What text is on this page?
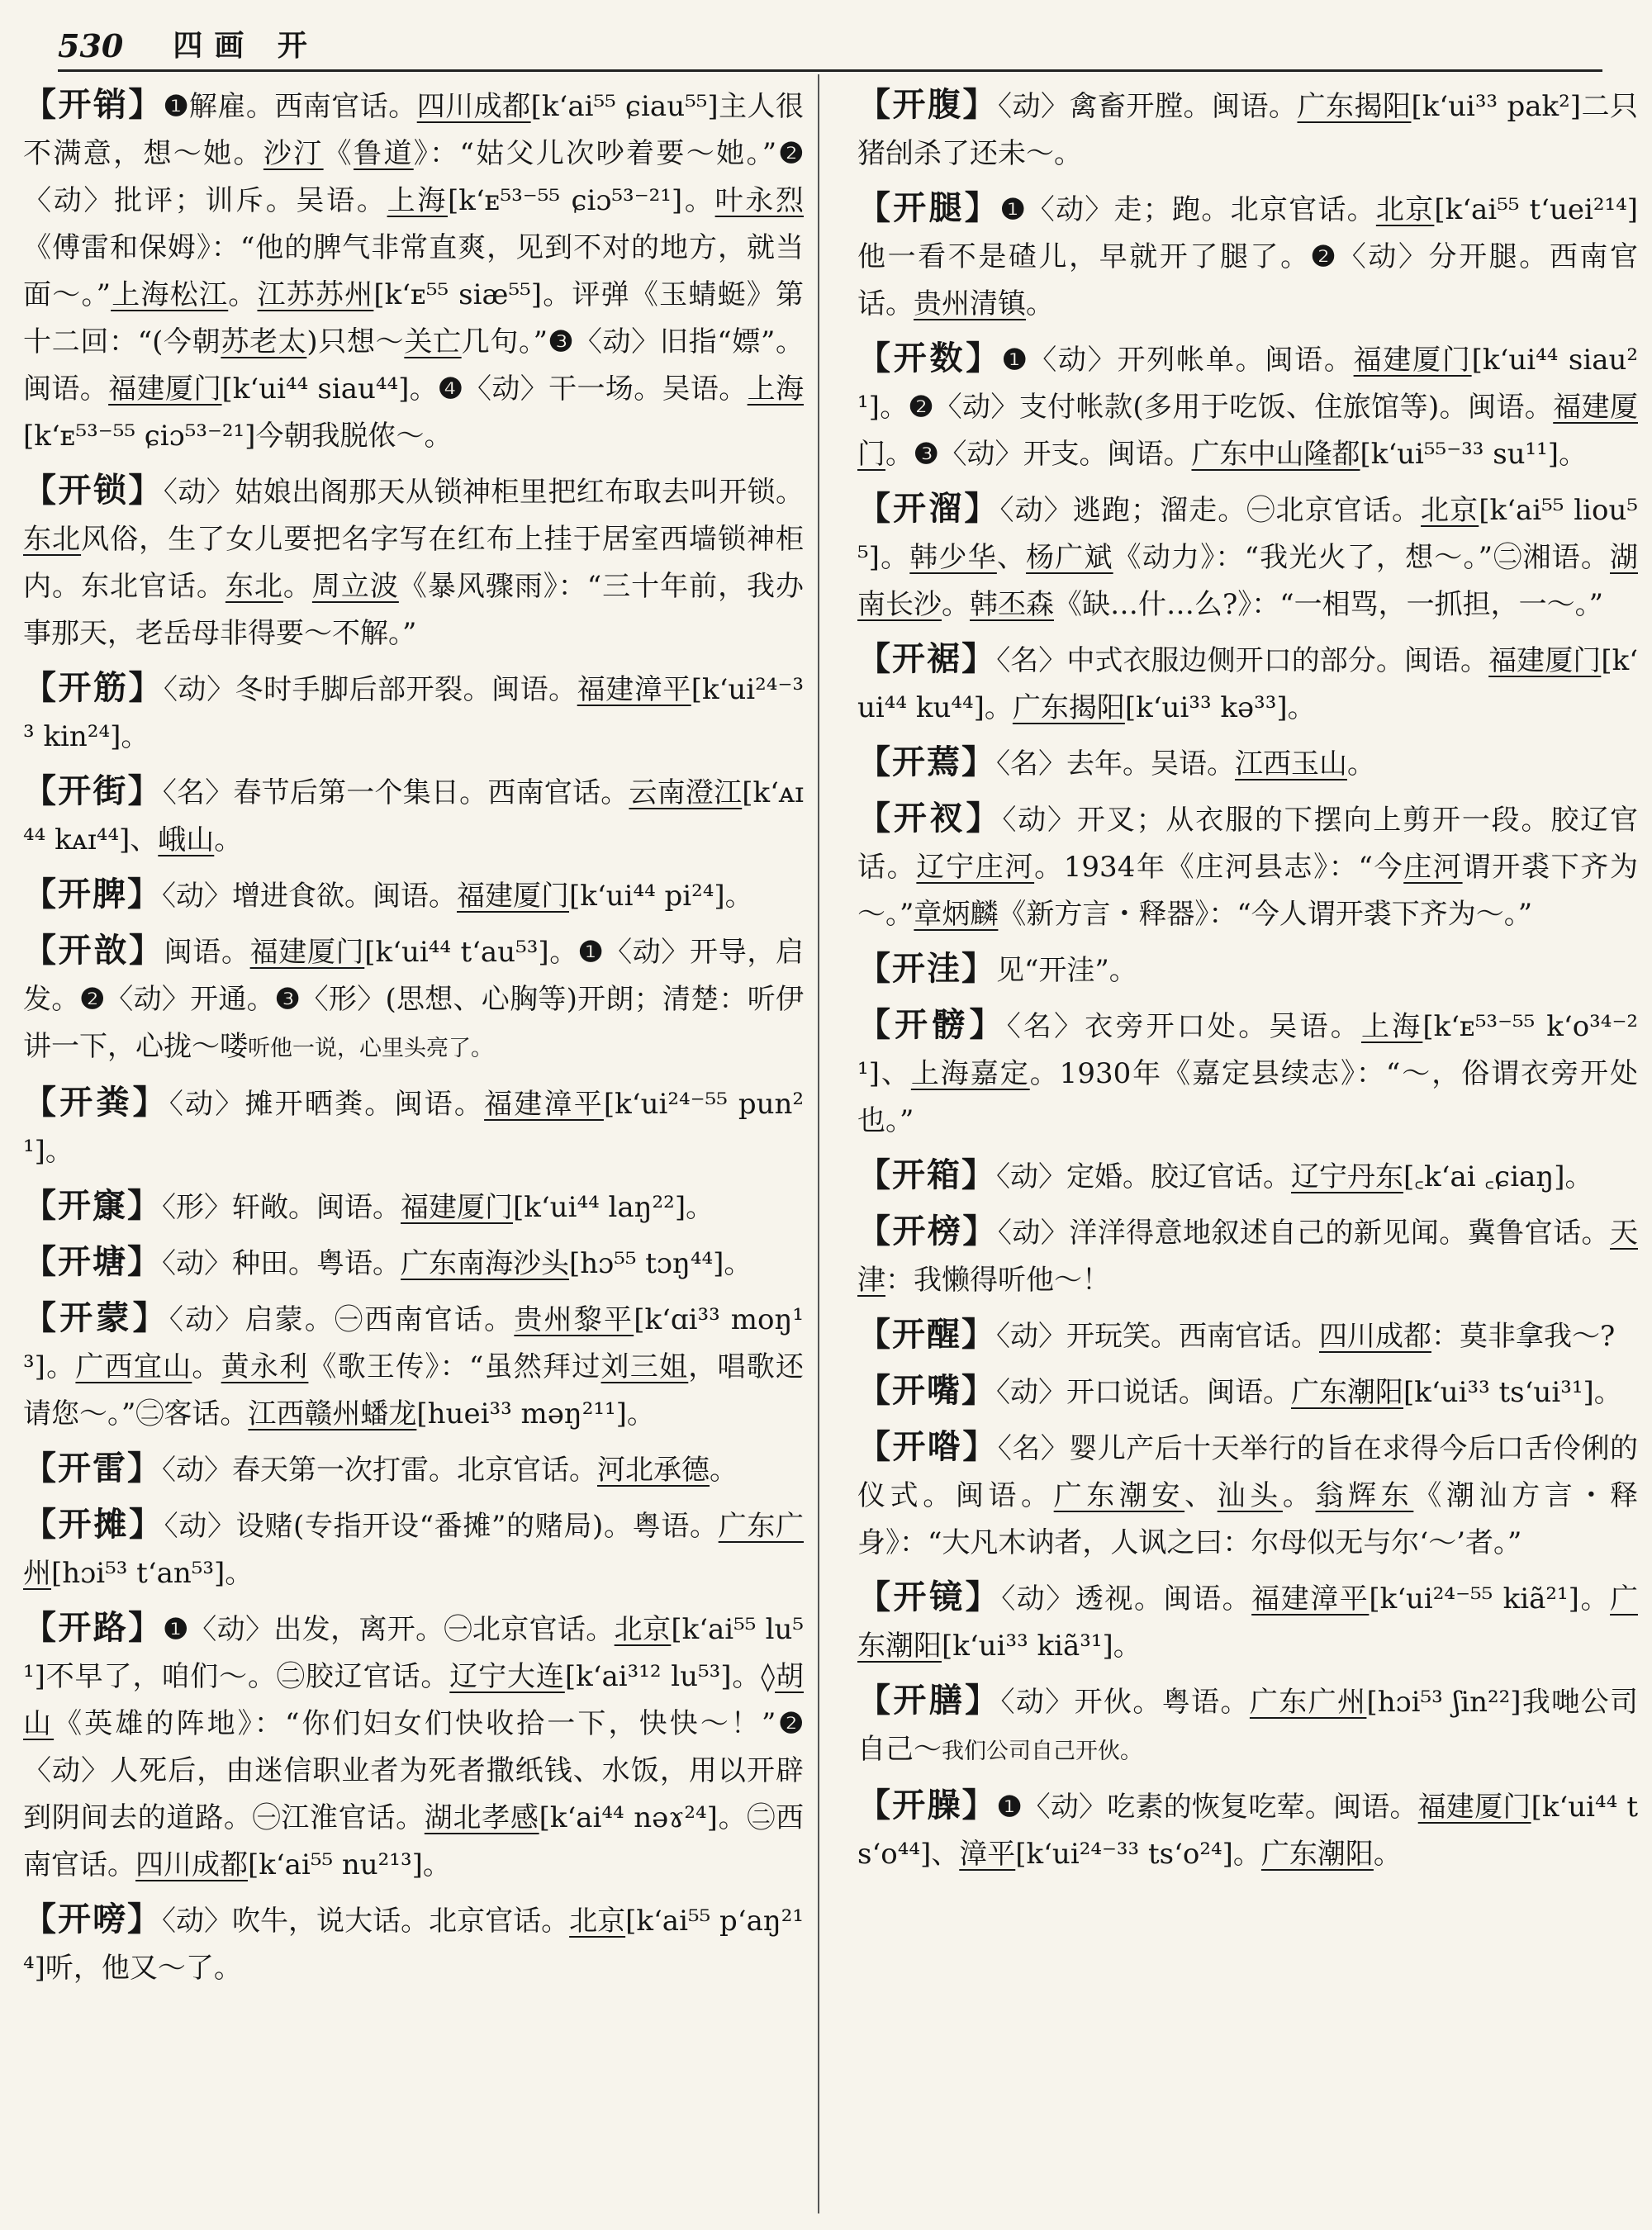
530 四画 开

【开销】❶解雇。西南官话。四川成都[kʻai⁵⁵ ɕiau⁵⁵]主人很不满意，想～她。沙汀《鲁道》：“姑父儿次吵着要～她。”❷〈动〉批评；训斥。吴语。上海[kʻᴇ⁵³⁻⁵⁵ ɕiɔ⁵³⁻²¹]。叶永烈《傅雷和保姆》：“他的脾气非常直爽，见到不对的地方，就当面～。”上海松江。江苏苏州[kʻᴇ⁵⁵ siæ⁵⁵]。评弹《玉蜻蜓》第十二回：“(今朝苏老太)只想～关亡几句。”❸〈动〉旧指“嫖”。闽语。福建厦门[kʻui⁴⁴ siau⁴⁴]。❹〈动〉干一场。吴语。上海[kʻᴇ⁵³⁻⁵⁵ ɕiɔ⁵³⁻²¹]今朝我脱侬～。

【开锁】〈动〉姑娘出阁那天从锁神柜里把红布取去叫开锁。东北风俗，生了女儿要把名字写在红布上挂于居室西墙锁神柜内。东北官话。东北。周立波《暴风骤雨》：“三十年前，我办事那天，老岳母非得要～不解。”

【开筋】〈动〉冬时手脚后部开裂。闽语。福建漳平[kʻui²⁴⁻³³ kin²⁴]。

【开街】〈名〉春节后第一个集日。西南官话。云南澄江[kʻᴀɪ⁴⁴ kᴀɪ⁴⁴]、峨山。

【开脾】〈动〉增进食欲。闽语。福建厦门[kʻui⁴⁴ pi²⁴]。

【开敨】闽语。福建厦门[kʻui⁴⁴ tʻau⁵³]。❶〈动〉开导，启发。❷〈动〉开通。❸〈形〉(思想、心胸等)开朗；清楚：听伊讲一下，心拢～喽听他一说，心里头亮了。

【开粪】〈动〉摊开晒粪。闽语。福建漳平[kʻui²⁴⁻⁵⁵ pun²¹]。

【开䆲】〈形〉轩敞。闽语。福建厦门[kʻui⁴⁴ laŋ²²]。

【开塘】〈动〉种田。粤语。广东南海沙头[hɔ⁵⁵ tɔŋ⁴⁴]。

【开蒙】〈动〉启蒙。㊀西南官话。贵州黎平[kʻɑi³³ moŋ¹³]。广西宜山。黄永利《歌王传》：“虽然拜过刘三姐，唱歌还请您～。”㊁客话。江西赣州蟠龙[huei³³ məŋ²¹¹]。

【开雷】〈动〉春天第一次打雷。北京官话。河北承德。

【开摊】〈动〉设赌(专指开设“番摊”的赌局)。粤语。广东广州[hɔi⁵³ tʻan⁵³]。

【开路】❶〈动〉出发，离开。㊀北京官话。北京[kʻai⁵⁵ lu⁵¹]不早了，咱们～。㊁胶辽官话。辽宁大连[kʻai³¹² lu⁵³]。◊胡山《英雄的阵地》：“你们妇女们快收拾一下，快快～！”❷〈动〉人死后，由迷信职业者为死者撒纸钱、水饭，用以开辟到阴间去的道路。㊀江淮官话。湖北孝感[kʻai⁴⁴ nəɤ²⁴]。㊁西南官话。四川成都[kʻai⁵⁵ nu²¹³]。

【开嗙】〈动〉吹牛，说大话。北京官话。北京[kʻai⁵⁵ pʻaŋ²¹⁴]听，他又～了。

【开腹】〈动〉禽畜开膛。闽语。广东揭阳[kʻui³³ pak²]二只猪刣杀了还未～。

【开腿】❶〈动〉走；跑。北京官话。北京[kʻai⁵⁵ tʻuei²¹⁴]他一看不是碴儿，早就开了腿了。❷〈动〉分开腿。西南官话。贵州清镇。

【开数】❶〈动〉开列帐单。闽语。福建厦门[kʻui⁴⁴ siau²¹]。❷〈动〉支付帐款(多用于吃饭、住旅馆等)。闽语。福建厦门。❸〈动〉开支。闽语。广东中山隆都[kʻui⁵⁵⁻³³ su¹¹]。

【开溜】〈动〉逃跑；溜走。㊀北京官话。北京[kʻai⁵⁵ liou⁵⁵]。韩少华、杨广斌《动力》：“我光火了，想～。”㊁湘语。湖南长沙。韩丕森《缺…什…么?》：“一相骂，一抓担，一～。”

【开裾】〈名〉中式衣服边侧开口的部分。闽语。福建厦门[kʻui⁴⁴ ku⁴⁴]。广东揭阳[kʻui³³ kə³³]。

【开蔫】〈名〉去年。吴语。江西玉山。

【开衩】〈动〉开叉；从衣服的下摆向上剪开一段。胶辽官话。辽宁庄河。1934年《庄河县志》：“今庄河谓开裘下齐为～。”章炳麟《新方言・释器》：“今人谓开裘下齐为～。”

【开洼】见“开洼”。

【开髈】〈名〉衣旁开口处。吴语。上海[kʻᴇ⁵³⁻⁵⁵ kʻo³⁴⁻²¹]、上海嘉定。1930年《嘉定县续志》：“～，俗谓衣旁开处也。”

【开箱】〈动〉定婚。胶辽官话。辽宁丹东[꜀kʻai ꜀ɕiaŋ]。

【开榜】〈动〉洋洋得意地叙述自己的新见闻。冀鲁官话。天津：我懒得听他～！

【开醒】〈动〉开玩笑。西南官话。四川成都：莫非拿我～?

【开嘴】〈动〉开口说话。闽语。广东潮阳[kʻui³³ tsʻui³¹]。

【开喒】〈名〉婴儿产后十天举行的旨在求得今后口舌伶俐的仪式。闽语。广东潮安、汕头。翁辉东《潮汕方言・释身》：“大凡木讷者，人讽之曰：尔母似无与尔‘～’者。”

【开镜】〈动〉透视。闽语。福建漳平[kʻui²⁴⁻⁵⁵ kiã²¹]。广东潮阳[kʻui³³ kiã³¹]。

【开膳】〈动〉开伙。粤语。广东广州[hɔi⁵³ ʃin²²]我哋公司自己～我们公司自己开伙。

【开臊】❶〈动〉吃素的恢复吃荤。闽语。福建厦门[kʻui⁴⁴ tsʻo⁴⁴]、漳平[kʻui²⁴⁻³³ tsʻo²⁴]。广东潮阳。
